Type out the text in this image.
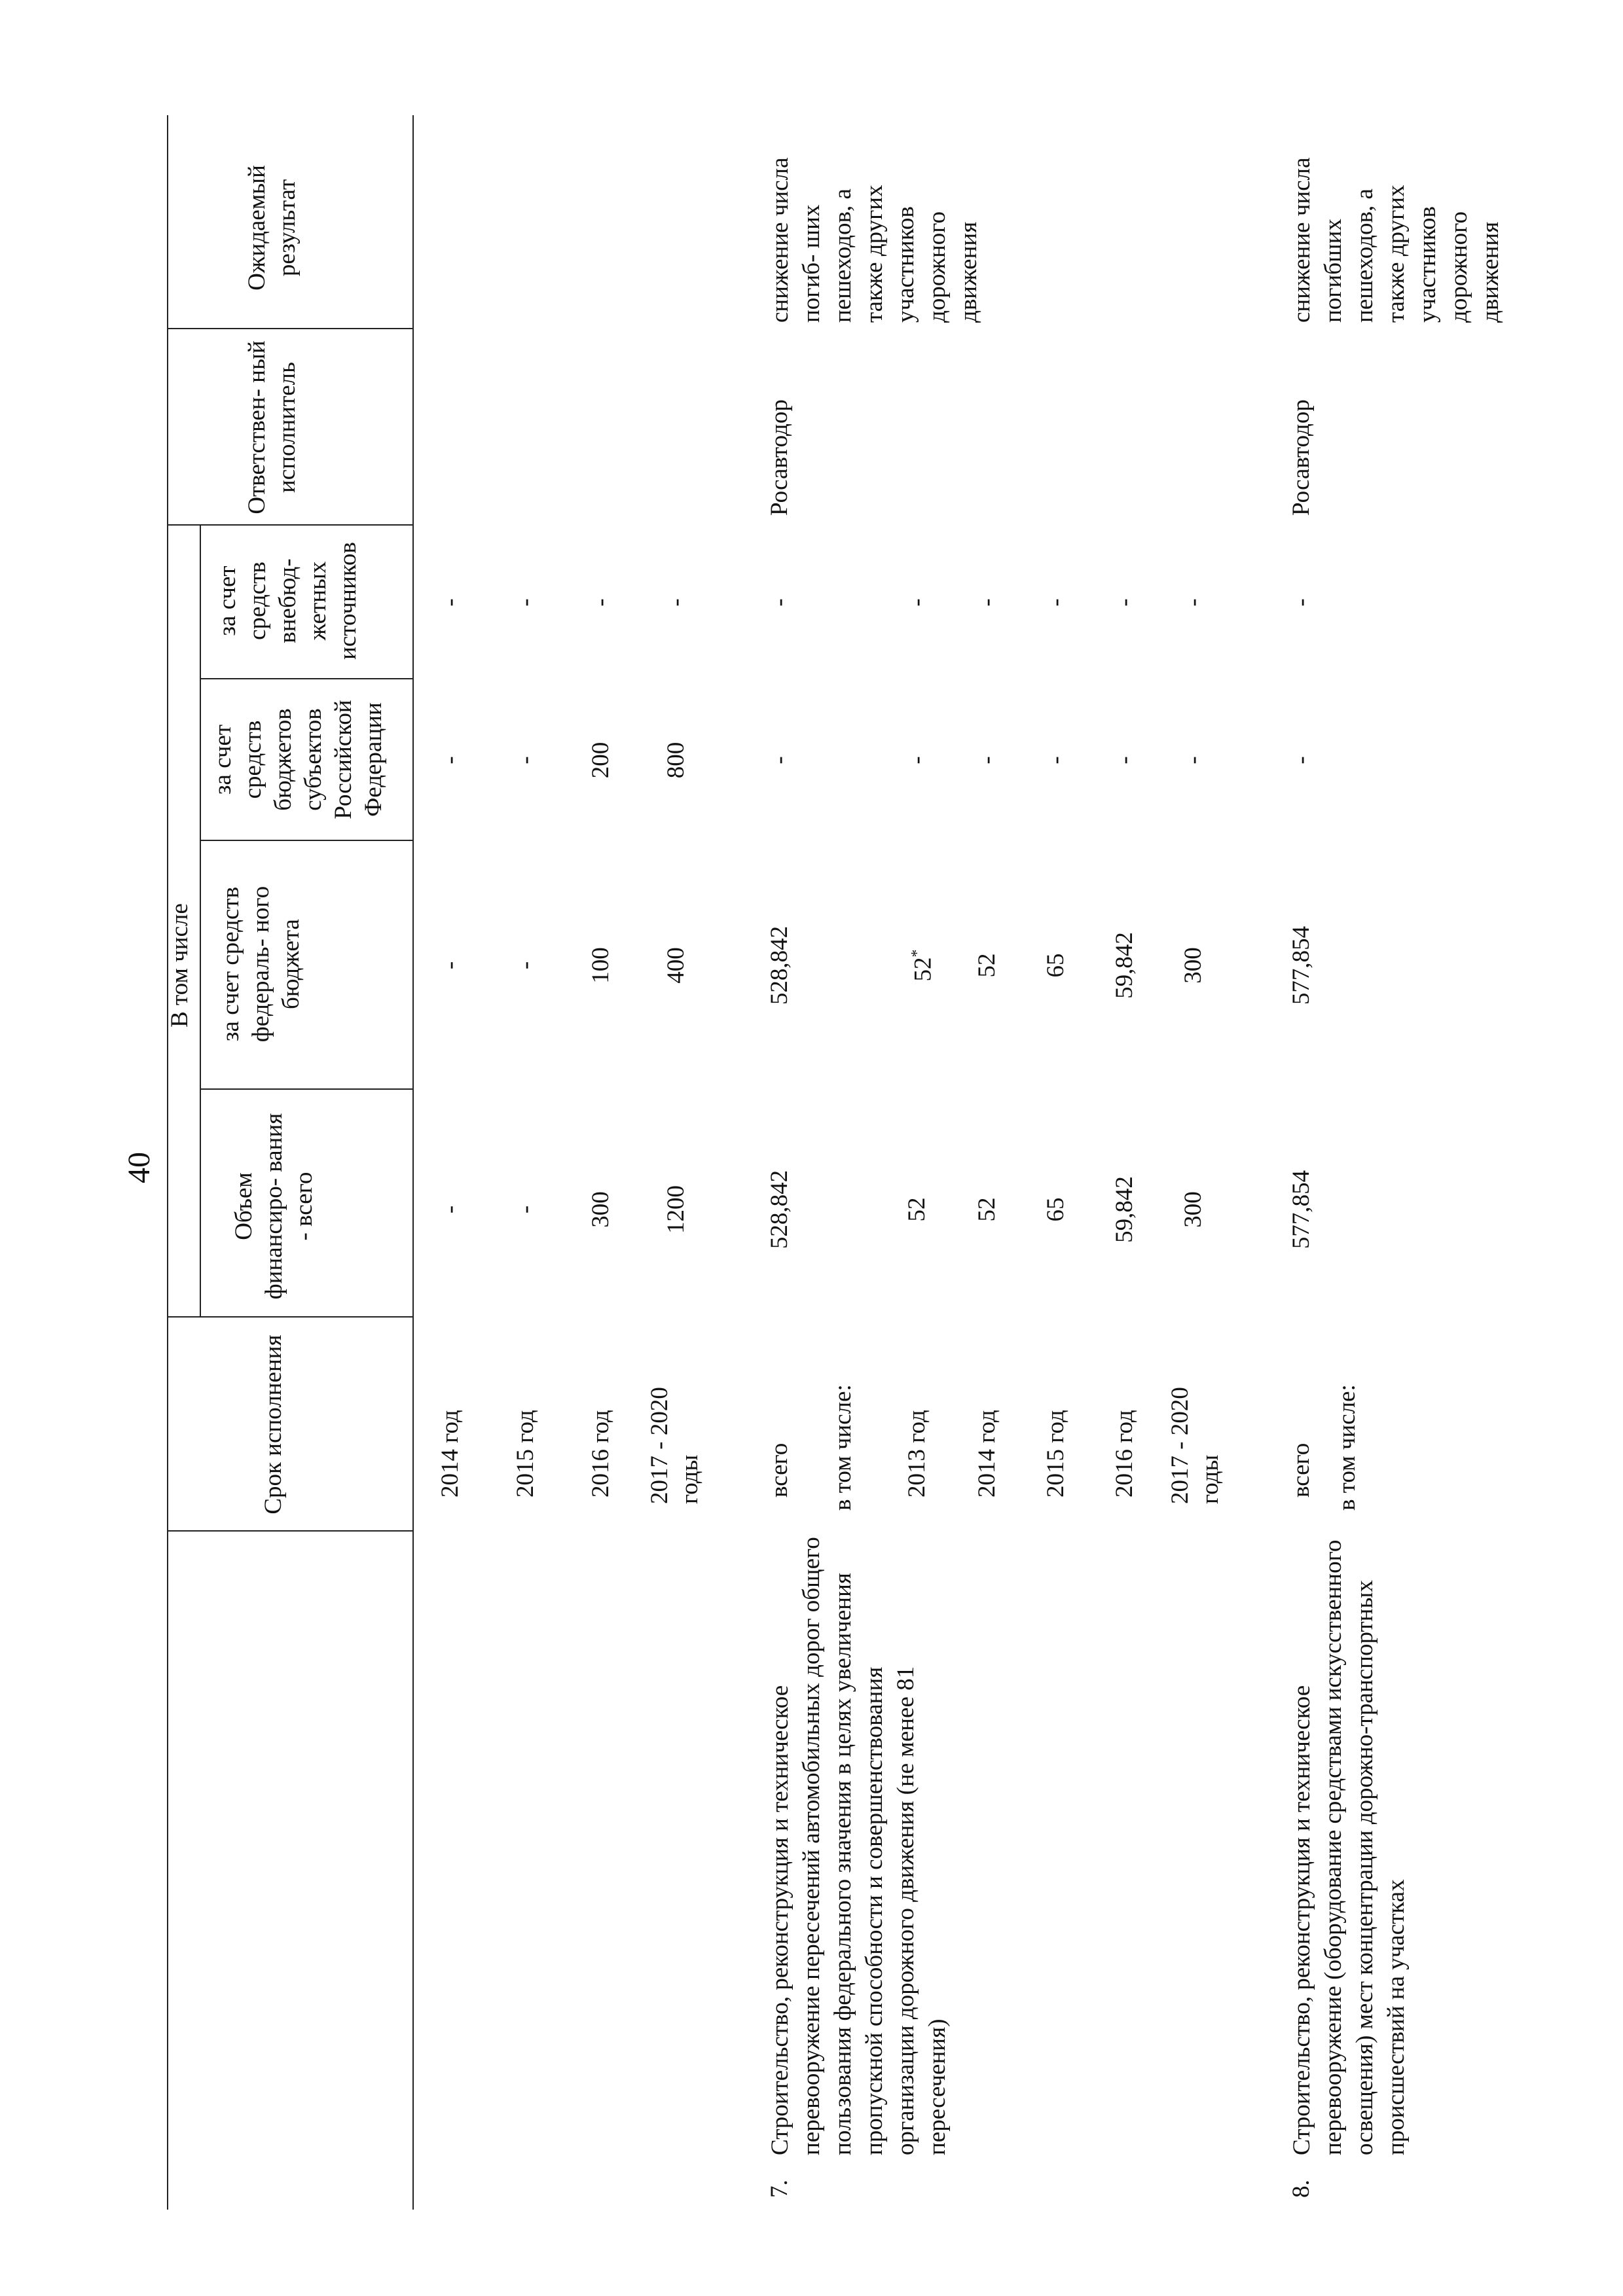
40
Срок исполнения
Объем финансиро- вания - всего
В том числе за счет средств федераль- ного бюджета
за счет средств бюджетов субъектов Российской Федерации
за счет средств внебюд- жетных источников
Ответствен- ный исполнитель
2014 год 2015 год 2016 год 2017 - 2020 годы
- - 300 1200
- - 100 400
- - 200 800
- - - -
Ожидаемый результат
7.
Строительство, реконструкция и техническое перевооружение пересечений автомобильных дорог общего пользования федерального значения в целях увеличения пропускной способности и совершенствования организации дорожного движения (не менее 81 пересечения)
в том числе:
всего
528,842
528,842
-
2013 год
52
52*
-
2014 год
52
52
-
2015 год
65
65
-
2016 год
59,842
59,842
-
2017 - 2020 годы
300
300
-
Росавтодор
снижение числа погиб- ших пешеходов, а также других участников дорожного движения
8.
Строительство, реконструкция и техническое перевооружение (оборудование средствами искусственного освещения) мест концентрации дорожно-транспортных происшествий на участках
в том числе:
всего
577,854
577,854
-
Росавтодор
снижение числа погибших пешеходов, а также других участников дорожного движения
-	- - - - -	-
